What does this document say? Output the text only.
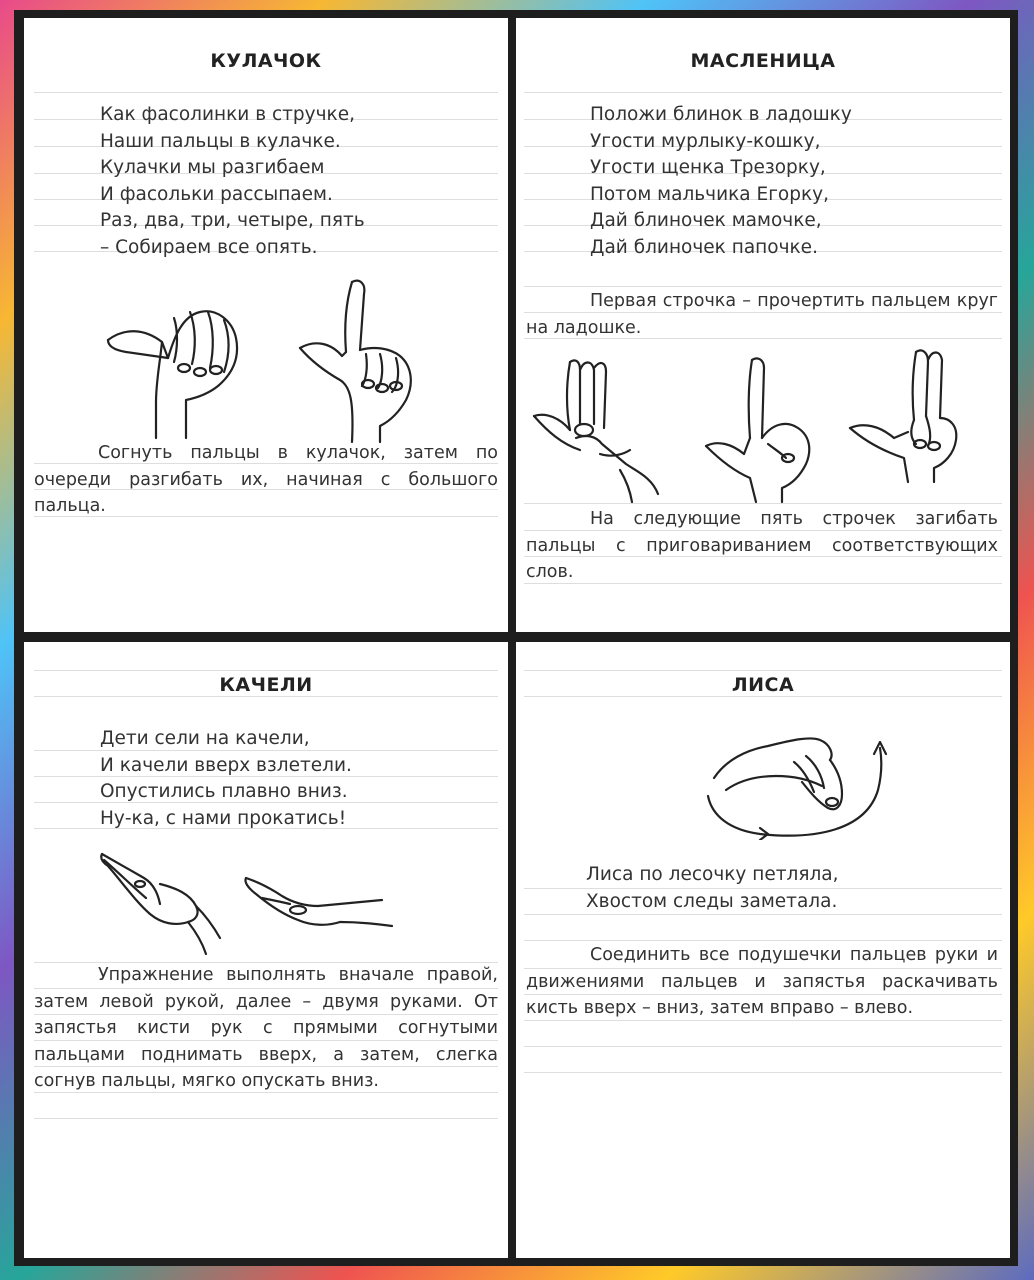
КУЛАЧОК
Как фасолинки в стручке,
Наши пальцы в кулачке.
Кулачки мы разгибаем
И фасольки рассыпаем.
Раз, два, три, четыре, пять
– Собираем все опять.
Согнуть пальцы в кулачок, затем по очереди разгибать их, начиная с большого пальца.
МАСЛЕНИЦА
Положи блинок в ладошку
Угости мурлыку-кошку,
Угости щенка Трезорку,
Потом мальчика Егорку,
Дай блиночек мамочке,
Дай блиночек папочке.
Первая строчка – прочертить пальцем круг на ладошке.
На следующие пять строчек загибать пальцы с приговариванием соответствующих слов.
КАЧЕЛИ
Дети сели на качели,
И качели вверх взлетели.
Опустились плавно вниз.
Ну-ка, с нами прокатись!
Упражнение выполнять вначале правой, затем левой рукой, далее – двумя руками. От запястья кисти рук с прямыми согнутыми пальцами поднимать вверх, а затем, слегка согнув пальцы, мягко опускать вниз.
ЛИСА
Лиса по лесочку петляла,
Хвостом следы заметала.
Соединить все подушечки пальцев руки и движениями пальцев и запястья раскачивать кисть вверх – вниз, затем вправо – влево.
